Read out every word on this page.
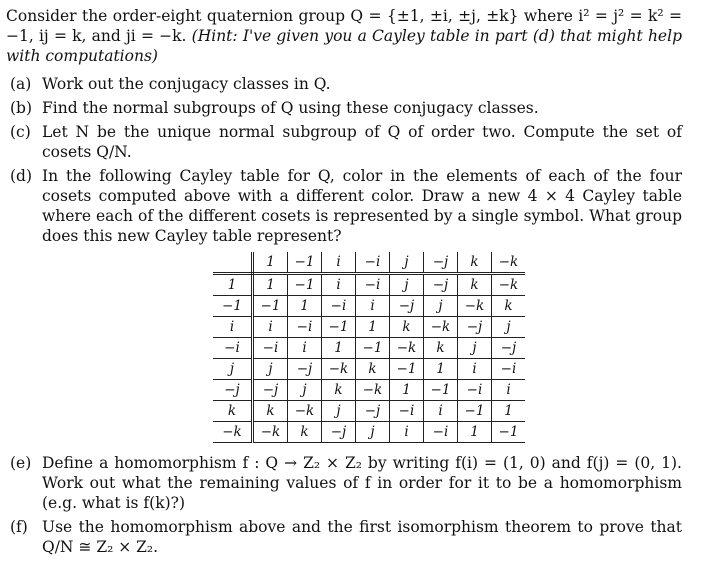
Consider the order-eight quaternion group Q = {±1, ±i, ±j, ±k} where i² = j² = k² = −1, ij = k, and ji = −k. (Hint: I've given you a Cayley table in part (d) that might help with computations)

(a) Work out the conjugacy classes in Q.
(b) Find the normal subgroups of Q using these conjugacy classes.
(c) Let N be the unique normal subgroup of Q of order two. Compute the set of cosets Q/N.
(d) In the following Cayley table for Q, color in the elements of each of the four cosets computed above with a different color. Draw a new 4 × 4 Cayley table where each of the different cosets is represented by a single symbol. What group does this new Cayley table represent?
	1	−1	i	−i	j	−j	k	−k
1	1	−1	i	−i	j	−j	k	−k
−1	−1	1	−i	i	−j	j	−k	k
i	i	−i	−1	1	k	−k	−j	j
−i	−i	i	1	−1	−k	k	j	−j
j	j	−j	−k	k	−1	1	i	−i
−j	−j	j	k	−k	1	−1	−i	i
k	k	−k	j	−j	−i	i	−1	1
−k	−k	k	−j	j	i	−i	1	−1
(e) Define a homomorphism f : Q → Z₂ × Z₂ by writing f(i) = (1, 0) and f(j) = (0, 1). Work out what the remaining values of f in order for it to be a homomorphism (e.g. what is f(k)?)
(f) Use the homomorphism above and the first isomorphism theorem to prove that Q/N ≅ Z₂ × Z₂.
